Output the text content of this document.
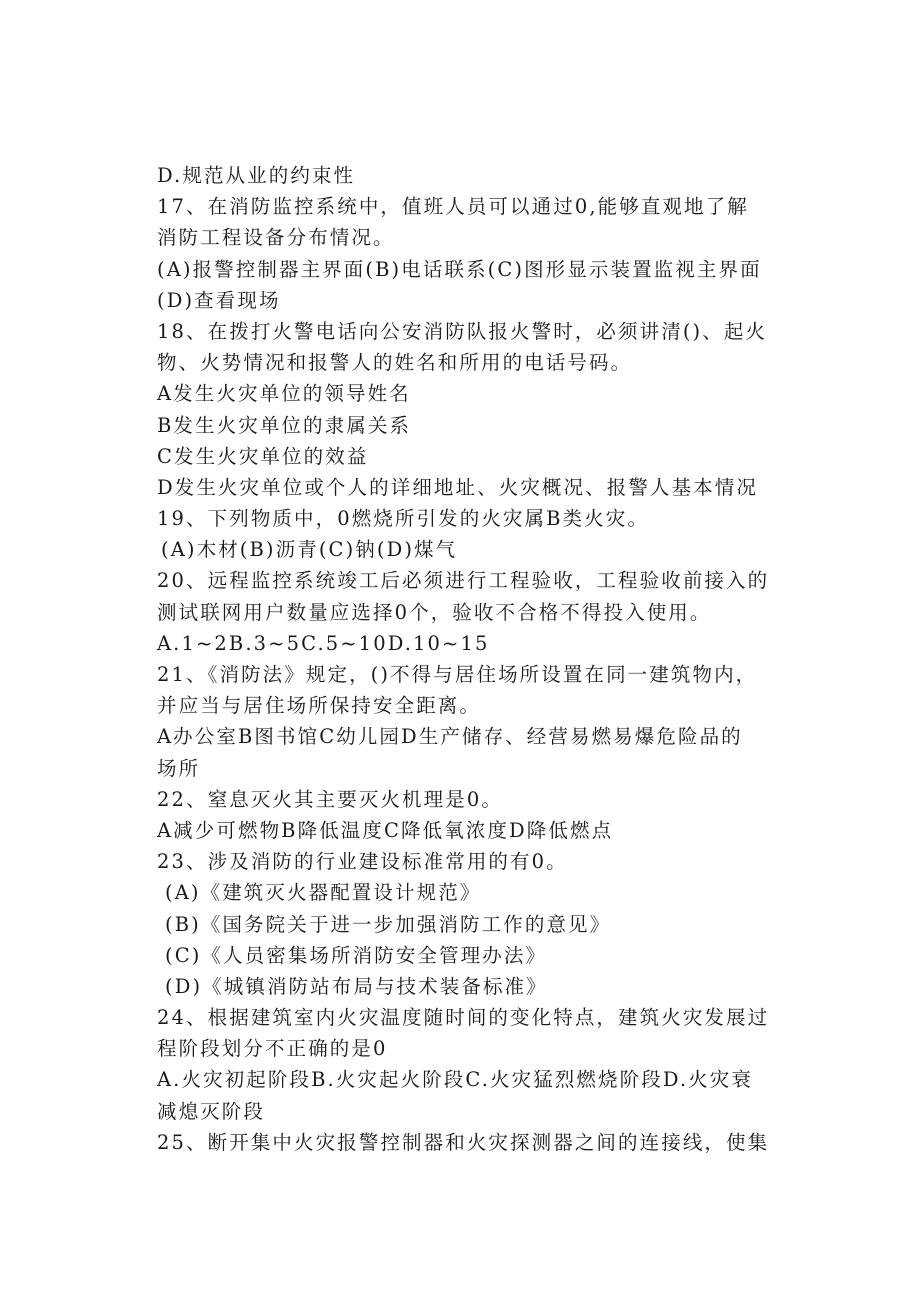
D.规范从业的约束性
17、在消防监控系统中，值班人员可以通过0,能够直观地了解
消防工程设备分布情况。
(A)报警控制器主界面(B)电话联系(C)图形显示装置监视主界面
(D)查看现场
18、在拨打火警电话向公安消防队报火警时，必须讲清()、起火
物、火势情况和报警人的姓名和所用的电话号码。
A发生火灾单位的领导姓名
B发生火灾单位的隶属关系
C发生火灾单位的效益
D发生火灾单位或个人的详细地址、火灾概况、报警人基本情况
19、下列物质中，0燃烧所引发的火灾属B类火灾。
(A)木材(B)沥青(C)钠(D)煤气
20、远程监控系统竣工后必须进行工程验收，工程验收前接入的
测试联网用户数量应选择0个，验收不合格不得投入使用。
A.1~2B.3~5C.5~10D.10~15
21、《消防法》规定，()不得与居住场所设置在同一建筑物内，
并应当与居住场所保持安全距离。
A办公室B图书馆C幼儿园D生产储存、经营易燃易爆危险品的
场所
22、窒息灭火其主要灭火机理是0。
A减少可燃物B降低温度C降低氧浓度D降低燃点
23、涉及消防的行业建设标准常用的有0。
(A)《建筑灭火器配置设计规范》
(B)《国务院关于进一步加强消防工作的意见》
(C)《人员密集场所消防安全管理办法》
(D)《城镇消防站布局与技术装备标准》
24、根据建筑室内火灾温度随时间的变化特点，建筑火灾发展过
程阶段划分不正确的是0
A.火灾初起阶段B.火灾起火阶段C.火灾猛烈燃烧阶段D.火灾衰
减熄灭阶段
25、断开集中火灾报警控制器和火灾探测器之间的连接线，使集
